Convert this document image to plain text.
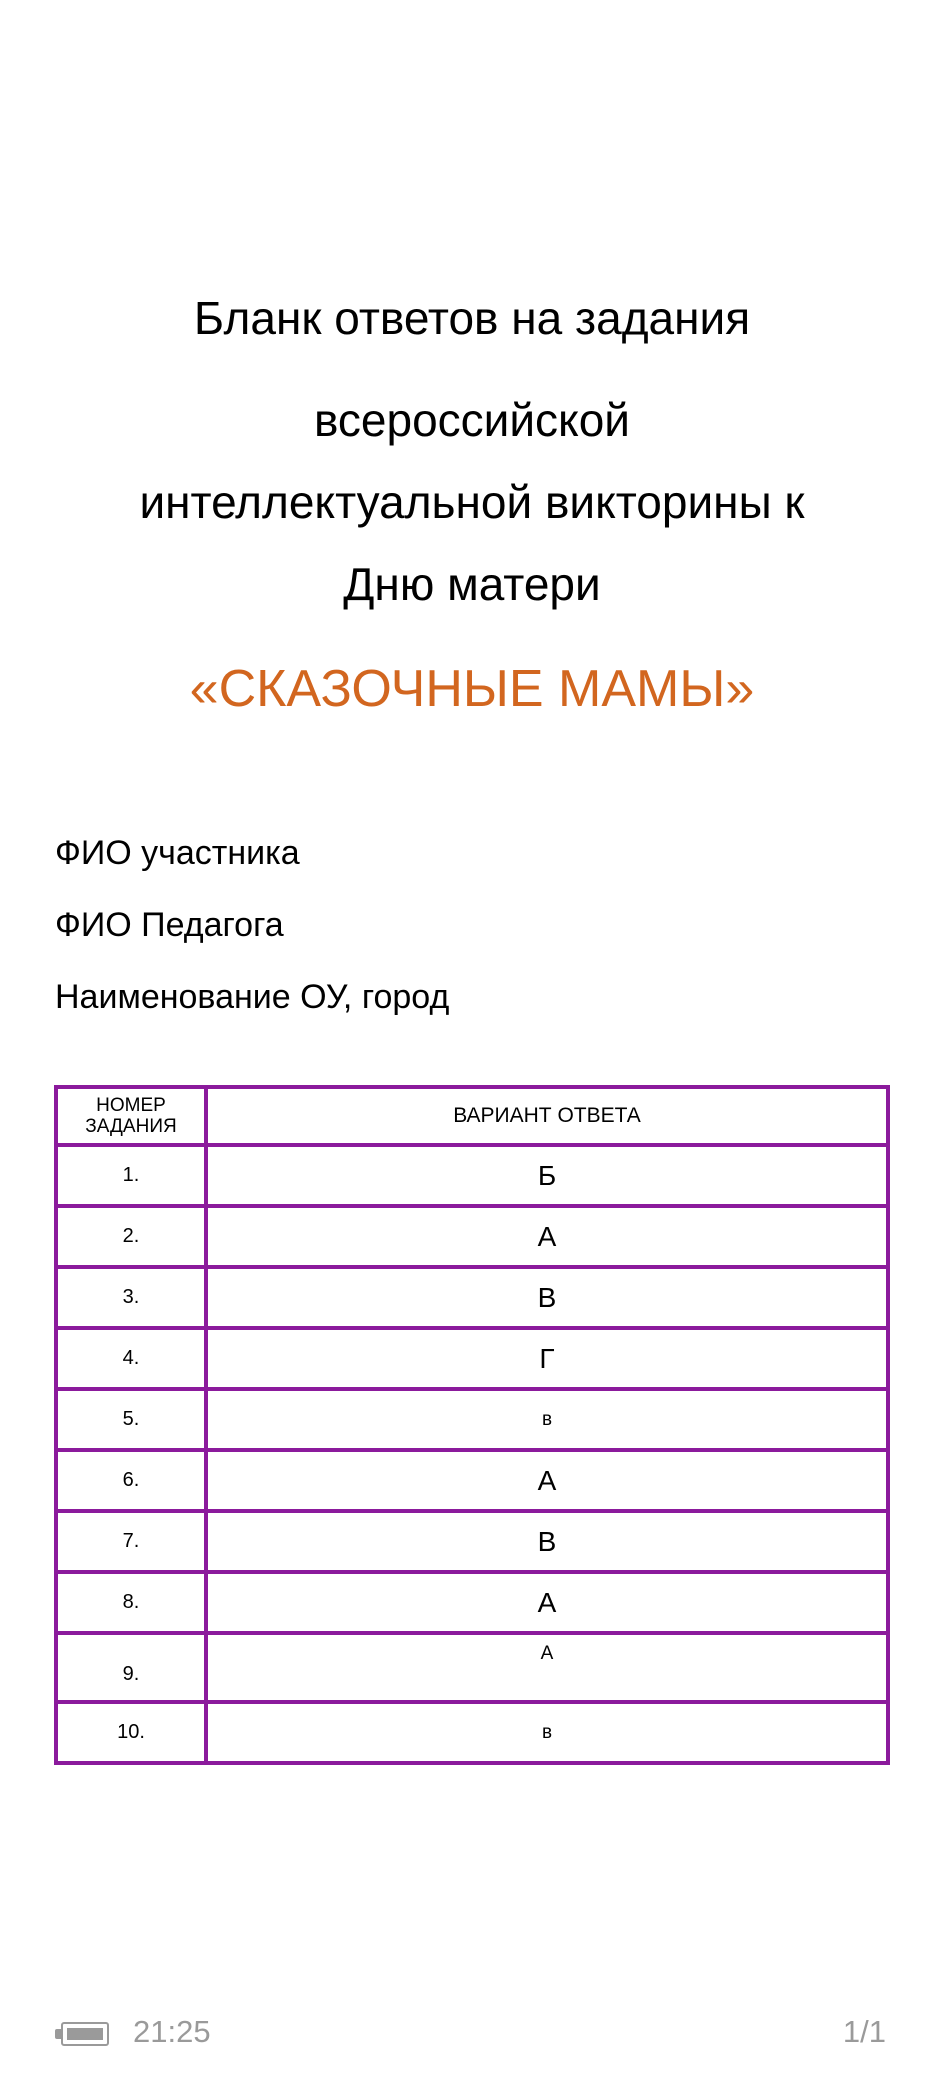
Бланк ответов на задания
всероссийской
интеллектуальной викторины к
Дню матери
«СКАЗОЧНЫЕ МАМЫ»
ФИО участника
ФИО Педагога
Наименование ОУ, город
НОМЕР
ЗАДАНИЯ	ВАРИАНТ ОТВЕТА
1.	Б
2.	А
3.	В
4.	Г
5.	в
6.	А
7.	В
8.	А
9.	А
10.	в
21:25	1/1
